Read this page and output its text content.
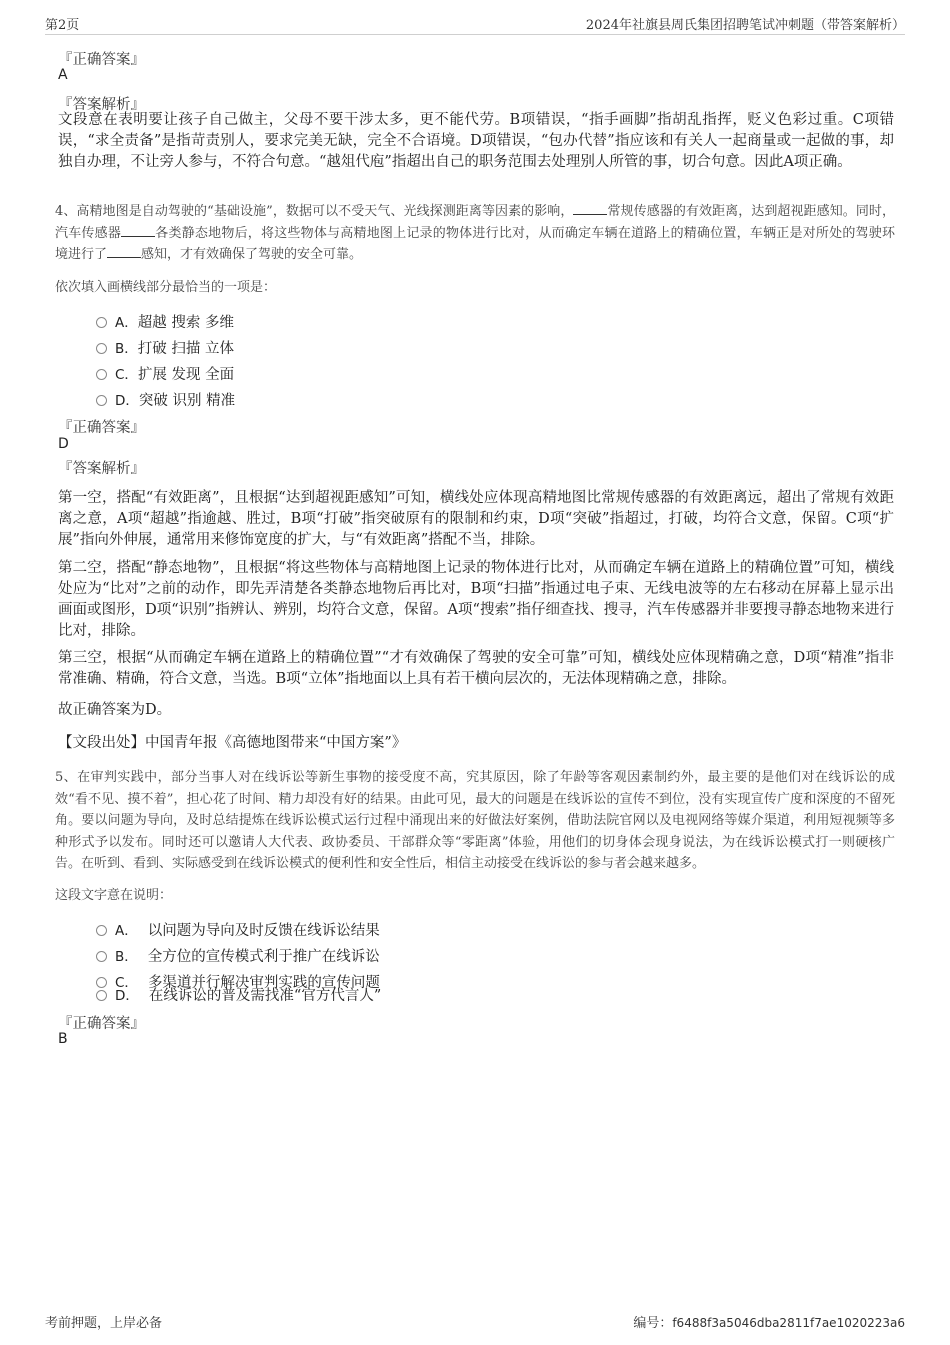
第2页	2024年社旗县周氏集团招聘笔试冲刺题（带答案解析）
『正确答案』
A
『答案解析』
文段意在表明要让孩子自己做主，父母不要干涉太多，更不能代劳。B项错误，“指手画脚”指胡乱指挥，贬义色彩过重。C项错误，“求全责备”是指苛责别人，要求完美无缺，完全不合语境。D项错误，“包办代替”指应该和有关人一起商量或一起做的事，却独自办理，不让旁人参与，不符合句意。“越俎代庖”指超出自己的职务范围去处理别人所管的事，切合句意。因此A项正确。
4、高精地图是自动驾驶的“基础设施”，数据可以不受天气、光线探测距离等因素的影响，	常规传感器的有效距离，达到超视距感知。同时，汽车传感器	各类静态地物后，将这些物体与高精地图上记录的物体进行比对，从而确定车辆在道路上的精确位置，车辆正是对所处的驾驶环境进行了	感知，才有效确保了驾驶的安全可靠。
依次填入画横线部分最恰当的一项是：
A．超越 搜索 多维
B．打破 扫描 立体
C．扩展 发现 全面
D．突破 识别 精准
『正确答案』
D
『答案解析』
第一空，搭配“有效距离”，且根据“达到超视距感知”可知，横线处应体现高精地图比常规传感器的有效距离远，超出了常规有效距离之意，A项“超越”指逾越、胜过，B项“打破”指突破原有的限制和约束，D项“突破”指超过，打破，均符合文意，保留。C项“扩展”指向外伸展，通常用来修饰宽度的扩大，与“有效距离”搭配不当，排除。
第二空，搭配“静态地物”，且根据“将这些物体与高精地图上记录的物体进行比对，从而确定车辆在道路上的精确位置”可知，横线处应为“比对”之前的动作，即先弄清楚各类静态地物后再比对，B项“扫描”指通过电子束、无线电波等的左右移动在屏幕上显示出画面或图形，D项“识别”指辨认、辨别，均符合文意，保留。A项“搜索”指仔细查找、搜寻，汽车传感器并非要搜寻静态地物来进行比对，排除。
第三空，根据“从而确定车辆在道路上的精确位置”“才有效确保了驾驶的安全可靠”可知，横线处应体现精确之意，D项“精准”指非常准确、精确，符合文意，当选。B项“立体”指地面以上具有若干横向层次的，无法体现精确之意，排除。
故正确答案为D。
【文段出处】中国青年报《高德地图带来“中国方案”》
5、在审判实践中，部分当事人对在线诉讼等新生事物的接受度不高，究其原因，除了年龄等客观因素制约外，最主要的是他们对在线诉讼的成效“看不见、摸不着”，担心花了时间、精力却没有好的结果。由此可见，最大的问题是在线诉讼的宣传不到位，没有实现宣传广度和深度的不留死角。要以问题为导向，及时总结提炼在线诉讼模式运行过程中涌现出来的好做法好案例，借助法院官网以及电视网络等媒介渠道，利用短视频等多种形式予以发布。同时还可以邀请人大代表、政协委员、干部群众等“零距离”体验，用他们的切身体会现身说法，为在线诉讼模式打一则硬核广告。在听到、看到、实际感受到在线诉讼模式的便利性和安全性后，相信主动接受在线诉讼的参与者会越来越多。
这段文字意在说明：
A． 以问题为导向及时反馈在线诉讼结果
B． 全方位的宣传模式利于推广在线诉讼
C． 多渠道并行解决审判实践的宣传问题
D． 在线诉讼的普及需找准“官方代言人”
『正确答案』
B
考前押题，上岸必备	编号：f6488f3a5046dba2811f7ae1020223a6
